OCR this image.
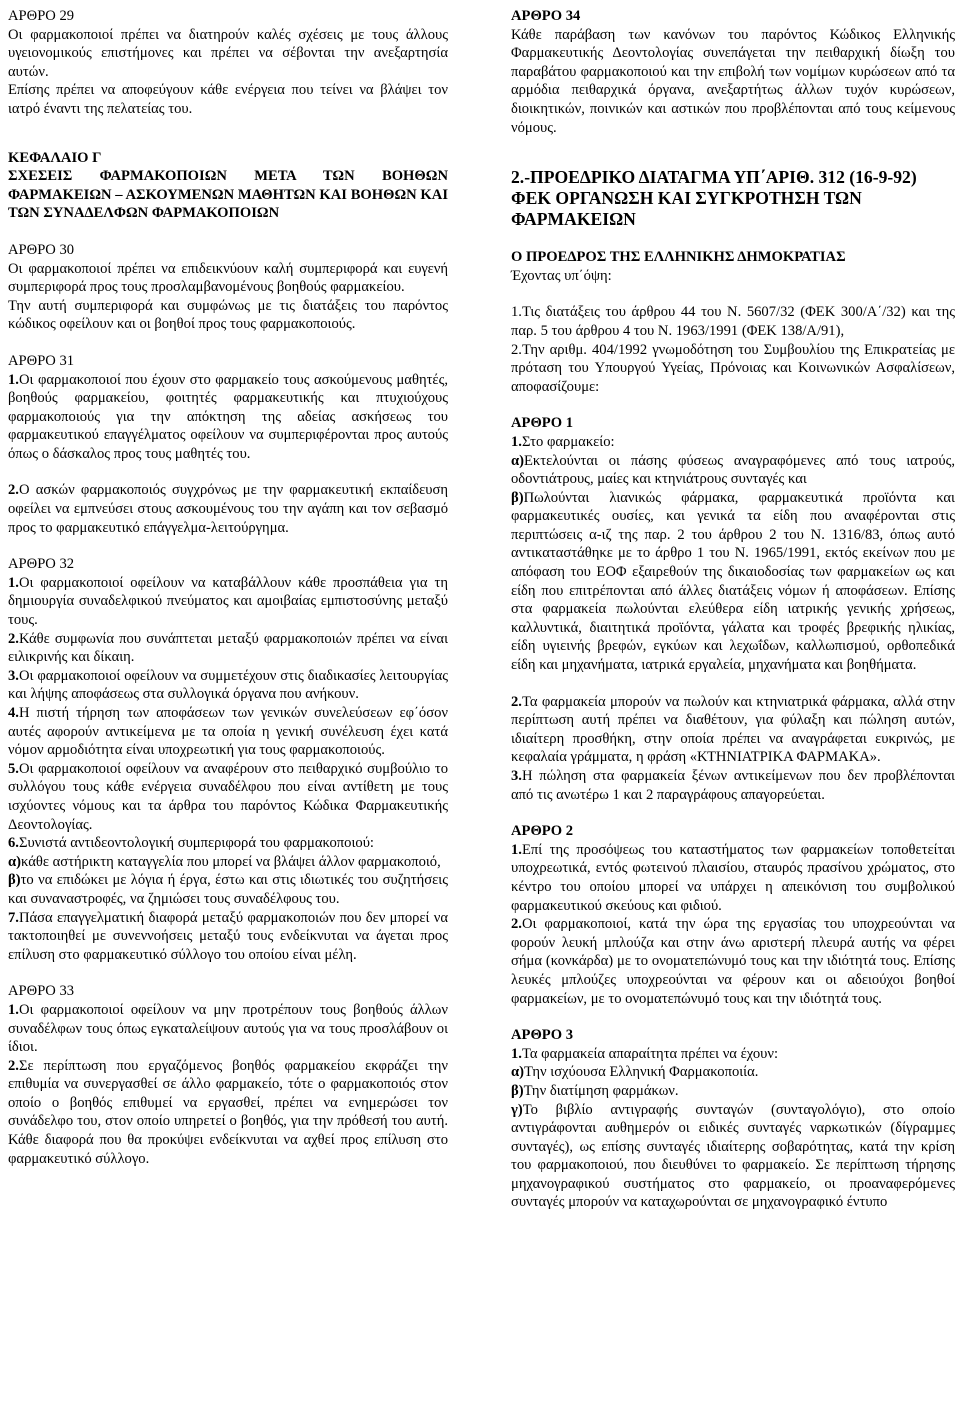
ΑΡΘΡΟ 29

Οι φαρμακοποιοί πρέπει να διατηρούν καλές σχέσεις με τους άλλους υγειονομικούς επιστήμονες και πρέπει να σέβονται την ανεξαρτησία αυτών.

Επίσης πρέπει να αποφεύγουν κάθε ενέργεια που τείνει να βλάψει τον ιατρό έναντι της πελατείας του.

ΚΕΦΑΛΑΙΟ Γ
ΣΧΕΣΕΙΣ ΦΑΡΜΑΚΟΠΟΙΩΝ ΜΕΤΑ ΤΩΝ ΒΟΗΘΩΝ ΦΑΡΜΑΚΕΙΩΝ – ΑΣΚΟΥΜΕΝΩΝ ΜΑΘΗΤΩΝ ΚΑΙ ΒΟΗΘΩΝ ΚΑΙ ΤΩΝ ΣΥΝΑΔΕΛΦΩΝ ΦΑΡΜΑΚΟΠΟΙΩΝ
ΑΡΘΡΟ 30

Οι φαρμακοποιοί πρέπει να επιδεικνύουν καλή συμπεριφορά και ευγενή συμπεριφορά προς τους προσλαμβανομένους βοηθούς φαρμακείου.

Την αυτή συμπεριφορά και συμφώνως με τις διατάξεις του παρόντος κώδικος οφείλουν και οι βοηθοί προς τους φαρμακοποιούς.

ΑΡΘΡΟ 31

1.Οι φαρμακοποιοί που έχουν στο φαρμακείο τους ασκούμενους μαθητές, βοηθούς φαρμακείου, φοιτητές φαρμακευτικής και πτυχιούχους φαρμακοποιούς για την απόκτηση της αδείας ασκήσεως του φαρμακευτικού επαγγέλματος οφείλουν να συμπεριφέρονται προς αυτούς όπως ο δάσκαλος προς τους μαθητές του.

2.Ο ασκών φαρμακοποιός συγχρόνως με την φαρμακευτική εκπαίδευση οφείλει να εμπνεύσει στους ασκουμένους του την αγάπη και τον σεβασμό προς το φαρμακευτικό επάγγελμα-λειτούργημα.

ΑΡΘΡΟ 32

1.Οι φαρμακοποιοί οφείλουν να καταβάλλουν κάθε προσπάθεια για τη δημιουργία συναδελφικού πνεύματος και αμοιβαίας εμπιστοσύνης μεταξύ τους.

2.Κάθε συμφωνία που συνάπτεται μεταξύ φαρμακοποιών πρέπει να είναι ειλικρινής και δίκαιη.

3.Οι φαρμακοποιοί οφείλουν να συμμετέχουν στις διαδικασίες λειτουργίας και λήψης αποφάσεως στα συλλογικά όργανα που ανήκουν.

4.Η πιστή τήρηση των αποφάσεων των γενικών συνελεύσεων εφ΄όσον αυτές αφορούν αντικείμενα με τα οποία η γενική συνέλευση έχει κατά νόμον αρμοδιότητα είναι υποχρεωτική για τους φαρμακοποιούς.

5.Οι φαρμακοποιοί οφείλουν να αναφέρουν στο πειθαρχικό συμβούλιο το συλλόγου τους κάθε ενέργεια συναδέλφου που είναι αντίθετη με τους ισχύοντες νόμους και τα άρθρα του παρόντος Κώδικα Φαρμακευτικής Δεοντολογίας.

6.Συνιστά αντιδεοντολογική συμπεριφορά του φαρμακοποιού:

α)κάθε αστήρικτη καταγγελία που μπορεί να βλάψει άλλον φαρμακοποιό,

β)το να επιδώκει με λόγια ή έργα, έστω και στις ιδιωτικές του συζητήσεις και συναναστροφές, να ζημιώσει τους συναδέλφους του.

7.Πάσα επαγγελματική διαφορά μεταξύ φαρμακοποιών που δεν μπορεί να τακτοποιηθεί με συνεννοήσεις μεταξύ τους ενδείκνυται να άγεται προς επίλυση στο φαρμακευτικό σύλλογο του οποίου είναι μέλη.

ΑΡΘΡΟ 33

1.Οι φαρμακοποιοί οφείλουν να μην προτρέπουν τους βοηθούς άλλων συναδέλφων τους όπως εγκαταλείψουν αυτούς για να τους προσλάβουν οι ίδιοι.

2.Σε περίπτωση που εργαζόμενος βοηθός φαρμακείου εκφράζει την επιθυμία να συνεργασθεί σε άλλο φαρμακείο, τότε ο φαρμακοποιός στον οποίο ο βοηθός επιθυμεί να εργασθεί, πρέπει να ενημερώσει τον συνάδελφο του, στον οποίο υπηρετεί ο βοηθός, για την πρόθεσή του αυτή. Κάθε διαφορά που θα προκύψει ενδείκνυται να αχθεί προς επίλυση στο φαρμακευτικό σύλλογο.

ΑΡΘΡΟ 34

Κάθε παράβαση των κανόνων του παρόντος Κώδικος Ελληνικής Φαρμακευτικής Δεοντολογίας συνεπάγεται την πειθαρχική δίωξη του παραβάτου φαρμακοποιού και την επιβολή των νομίμων κυρώσεων από τα αρμόδια πειθαρχικά όργανα, ανεξαρτήτως άλλων τυχόν κυρώσεων, διοικητικών, ποινικών και αστικών που προβλέπονται από τους κείμενους νόμους.

2.-ΠΡΟΕΔΡΙΚΟ ΔΙΑΤΑΓΜΑ ΥΠ΄ΑΡΙΘ. 312 (16-9-92) ΦΕΚ ΟΡΓΑΝΩΣΗ ΚΑΙ ΣΥΓΚΡΟΤΗΣΗ ΤΩΝ ΦΑΡΜΑΚΕΙΩΝ

Ο ΠΡΟΕΔΡΟΣ ΤΗΣ ΕΛΛΗΝΙΚΗΣ ΔΗΜΟΚΡΑΤΙΑΣ

Έχοντας υπ΄όψη:

1.Τις διατάξεις του άρθρου 44 του Ν. 5607/32 (ΦΕΚ 300/Α΄/32) και της παρ. 5 του άρθρου 4 του Ν. 1963/1991 (ΦΕΚ 138/Α/91),

2.Την αριθμ. 404/1992 γνωμοδότηση του Συμβουλίου της Επικρατείας με πρόταση του Υπουργού Υγείας, Πρόνοιας και Κοινωνικών Ασφαλίσεων, αποφασίζουμε:

ΑΡΘΡΟ 1

1.Στο φαρμακείο:

α)Εκτελούνται οι πάσης φύσεως αναγραφόμενες από τους ιατρούς, οδοντιάτρους, μαίες και κτηνιάτρους συνταγές και

β)Πωλούνται λιανικώς φάρμακα, φαρμακευτικά προϊόντα και φαρμακευτικές ουσίες, και γενικά τα είδη που αναφέρονται στις περιπτώσεις α-ιζ της παρ. 2 του άρθρου 2 του Ν. 1316/83, όπως αυτό αντικαταστάθηκε με το άρθρο 1 του Ν. 1965/1991, εκτός εκείνων που με απόφαση του ΕΟΦ εξαιρεθούν της δικαιοδοσίας των φαρμακείων ως και είδη που επιτρέπονται από άλλες διατάξεις νόμων ή αποφάσεων. Επίσης στα φαρμακεία πωλούνται ελεύθερα είδη ιατρικής γενικής χρήσεως, καλλυντικά, διαιτητικά προϊόντα, γάλατα και τροφές βρεφικής ηλικίας, είδη υγιεινής βρεφών, εγκύων και λεχωΐδων, καλλωπισμού, ορθοπεδικά είδη και μηχανήματα, ιατρικά εργαλεία, μηχανήματα και βοηθήματα.

2.Τα φαρμακεία μπορούν να πωλούν και κτηνιατρικά φάρμακα, αλλά στην περίπτωση αυτή πρέπει να διαθέτουν, για φύλαξη και πώληση αυτών, ιδιαίτερη προσθήκη, στην οποία πρέπει να αναγράφεται ευκρινώς, με κεφαλαία γράμματα, η φράση «ΚΤΗΝΙΑΤΡΙΚΑ ΦΑΡΜΑΚΑ».

3.Η πώληση στα φαρμακεία ξένων αντικείμενων που δεν προβλέπονται από τις ανωτέρω 1 και 2 παραγράφους απαγορεύεται.

ΑΡΘΡΟ 2

1.Επί της προσόψεως του καταστήματος των φαρμακείων τοποθετείται υποχρεωτικά, εντός φωτεινού πλαισίου, σταυρός πρασίνου χρώματος, στο κέντρο του οποίου μπορεί να υπάρχει η απεικόνιση του συμβολικού φαρμακευτικού σκεύους και φιδιού.

2.Οι φαρμακοποιοί, κατά την ώρα της εργασίας του υποχρεούνται να φορούν λευκή μπλούζα και στην άνω αριστερή πλευρά αυτής να φέρει σήμα (κονκάρδα) με το ονοματεπώνυμό τους και την ιδιότητά τους. Επίσης λευκές μπλούζες υποχρεούνται να φέρουν και οι αδειούχοι βοηθοί φαρμακείων, με το ονοματεπώνυμό τους και την ιδιότητά τους.

ΑΡΘΡΟ 3

1.Τα φαρμακεία απαραίτητα πρέπει να έχουν:

α)Την ισχύουσα Ελληνική Φαρμακοποιία.

β)Την διατίμηση φαρμάκων.

γ)Το βιβλίο αντιγραφής συνταγών (συνταγολόγιο), στο οποίο αντιγράφονται αυθημερόν οι ειδικές συνταγές ναρκωτικών (δίγραμμες συνταγές), ως επίσης συνταγές ιδιαίτερης σοβαρότητας, κατά την κρίση του φαρμακοποιού, που διευθύνει το φαρμακείο. Σε περίπτωση τήρησης μηχανογραφικού συστήματος στο φαρμακείο, οι προαναφερόμενες συνταγές μπορούν να καταχωρούνται σε μηχανογραφικό έντυπο
